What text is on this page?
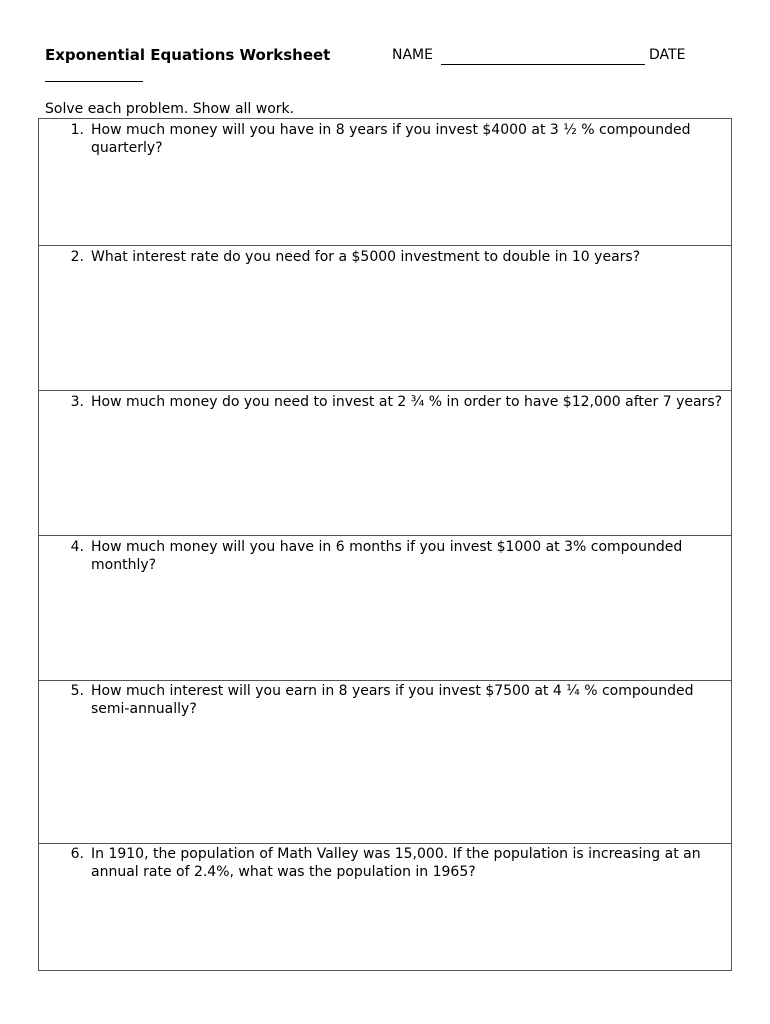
Exponential Equations Worksheet	NAME	DATE
Solve each problem. Show all work.
1. How much money will you have in 8 years if you invest $4000 at 3 ½ % compounded quarterly?
2. What interest rate do you need for a $5000 investment to double in 10 years?
3. How much money do you need to invest at 2 ¾ % in order to have $12,000 after 7 years?
4. How much money will you have in 6 months if you invest $1000 at 3% compounded monthly?
5. How much interest will you earn in 8 years if you invest $7500 at 4 ¼ % compounded semi-annually?
6. In 1910, the population of Math Valley was 15,000. If the population is increasing at an annual rate of 2.4%, what was the population in 1965?
